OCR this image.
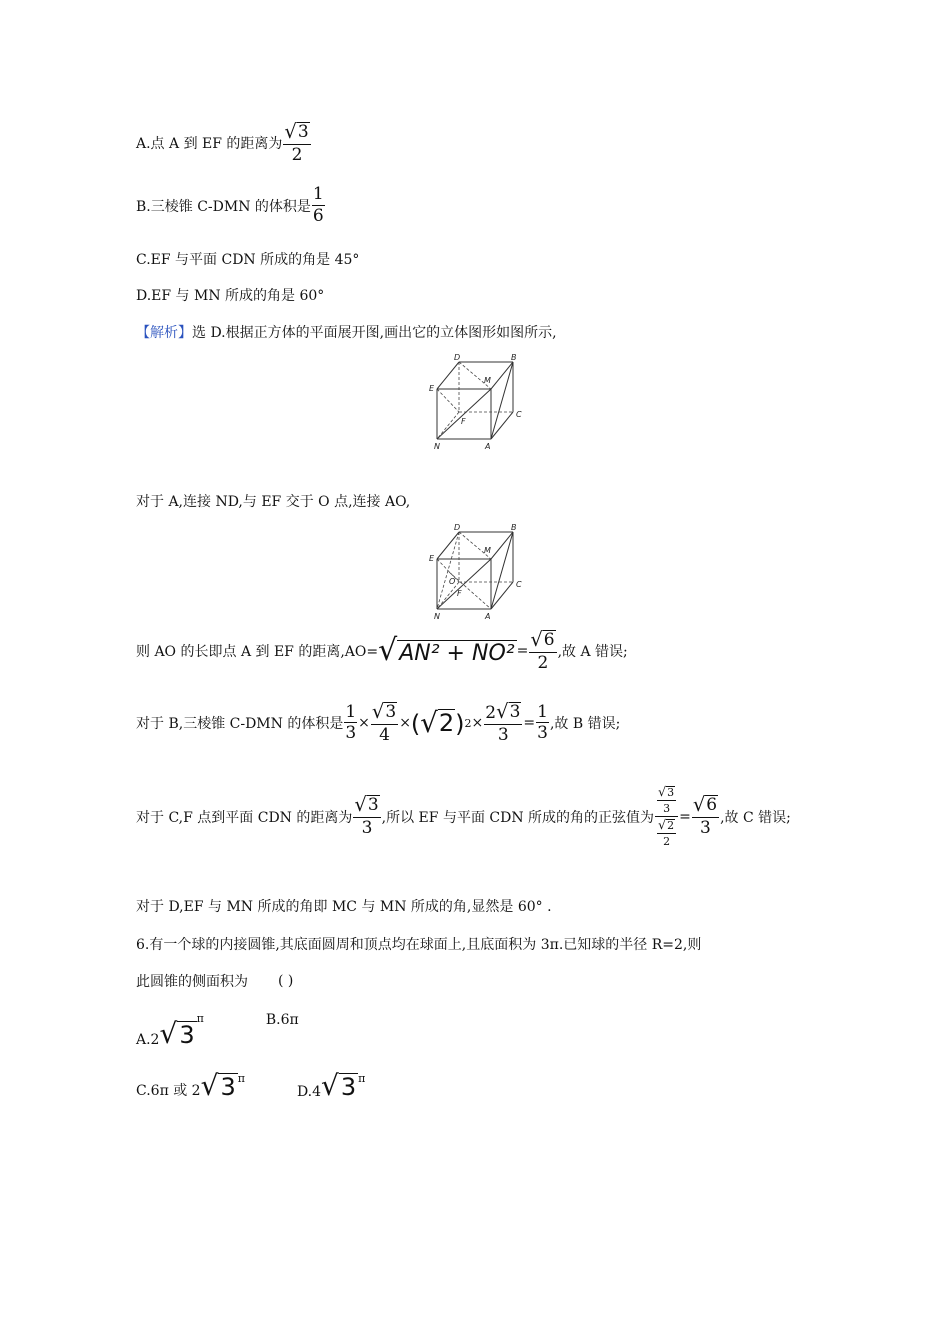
A.点 A 到 EF 的距离为 $\frac{√ 3}{2}$
B.三棱锥 C-DMN 的体积是 $\frac{1}{6}$
C.EF 与平面 CDN 所成的角是 45°
D.EF 与 MN 所成的角是 60°
【解析】 选 D.根据正方体的平面展开图,画出它的立体图形如图所示,
D	B
E
M
C
F
N	A
对于 A,连接 ND,与 EF 交于 O 点,连接 AO,
D	B
E
M
C
O
F
N	A
则 AO 的长即点 A 到 EF 的距离,AO= √ $AN^2 + NO^2 = \frac{√ 6}{2}$ ,故 A 错误;
对于 B,三棱锥 C-DMN 的体积是 $\frac{1}{3} \times \frac{√ 3}{4}$ × ( √ 2 ) $2 \times \frac{2 √ 3}{3} = \frac{1}{3}$ ,故 B 错误;
对于 C,F 点到平面 CDN 的距离为 $\frac{√ 3}{3}$ ,所以 EF 与平面 CDN 所成的角的正弦值为 $\frac{\frac{√ 3}{3}}{\frac{√ 2}{2}} = \frac{√ 6}{3}$ ,故 C 错误;
对于 D,EF 与 MN 所成的角即 MC 与 MN 所成的角,显然是 60° .
6.有一个球的内接圆锥,其底面圆周和顶点均在球面上,且底面积为 3π.已知球的半径 R=2,则
此圆锥的侧面积为 ( )
A.2 √ 3
π	B.6π
C.6π 或 2 √ 3 π
D.4 √ 3 π
